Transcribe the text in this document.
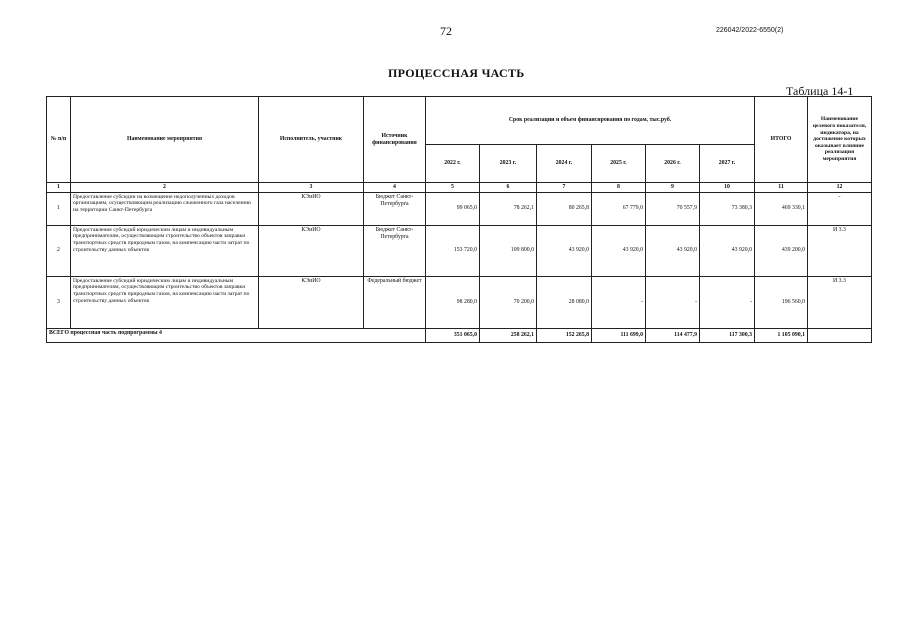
72	226042/2022-6550(2)
ПРОЦЕССНАЯ ЧАСТЬ
Таблица 14-1
№ п/п	Наименование мероприятия	Исполнитель, участник	Источник финансирования	Срок реализации и объем финансирования по годам, тыс.руб.						ИТОГО	Наименование целевого показателя, индикатора, на достижение которых оказывает влияние реализация мероприятия
				2022 г.	2023 г.	2024 г.	2025 г.	2026 г.	2027 г.		
1	2	3	4	5	6	7	8	9	10	11	12
1	Предоставление субсидии на возмещение недополученных доходов организациям, осуществляющим реализацию сжиженного газа населению на территории Санкт-Петербурга	КЭиИО	Бюджет Санкт-Петербурга	99 065,0	78 262,1	80 265,8	67 779,0	70 557,9	73 380,3	469 330,1	-
2	Предоставление субсидий юридическим лицам и индивидуальным предпринимателям, осуществляющим строительство объектов заправки транспортных средств природным газом, на компенсацию части затрат по строительству данных объектов	КЭиИО	Бюджет Санкт-Петербурга	153 720,0	109 800,0	43 920,0	43 920,0	43 920,0	43 920,0	439 200,0	И 3.3
3	Предоставление субсидий юридическим лицам и индивидуальным предпринимателям, осуществляющим строительство объектов заправки транспортных средств природным газом, на компенсацию части затрат по строительству данных объектов	КЭиИО	Федеральный бюджет	98 280,0	70 200,0	28 080,0	-	-	-	196 560,0	И 3.3
ВСЕГО процессная часть подпрограммы 4				351 065,0	258 262,1	152 265,8	111 699,0	114 477,9	117 300,3	1 105 090,1	
